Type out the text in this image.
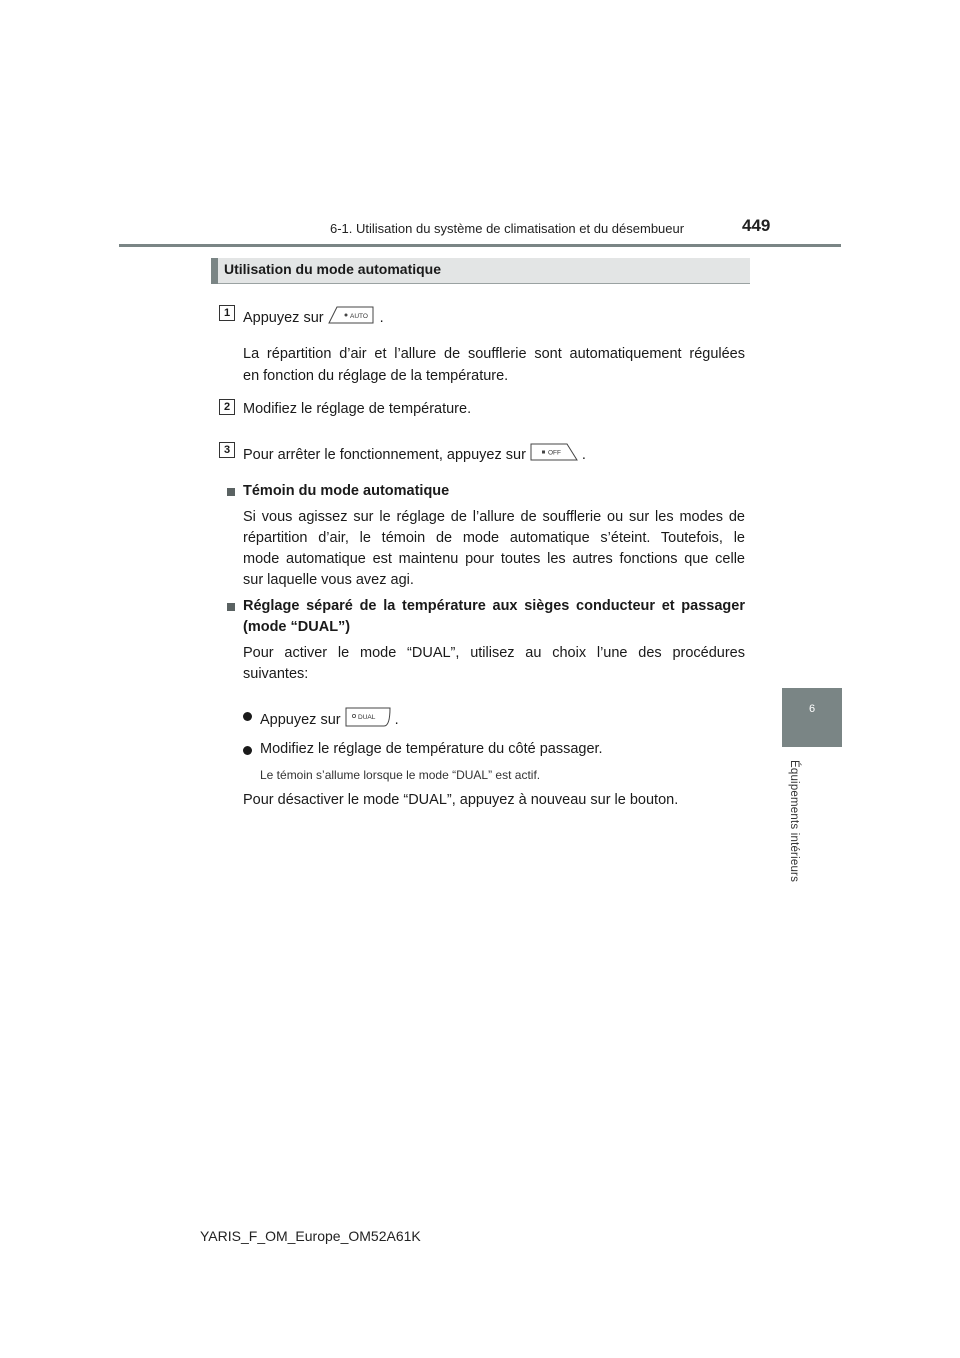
6-1. Utilisation du système de climatisation et du désembueur	449
Utilisation du mode automatique
1 Appuyez sur	AUTO .
La répartition d’air et l’allure de soufflerie sont automatiquement régulées
en fonction du réglage de la température.
2 Modifiez le réglage de température.
3 Pour arrêter le fonctionnement, appuyez sur	OFF .
Témoin du mode automatique
Si vous agissez sur le réglage de l’allure de soufflerie ou sur les modes de
répartition d’air, le témoin de mode automatique s’éteint. Toutefois, le
mode automatique est maintenu pour toutes les autres fonctions que celle
sur laquelle vous avez agi.
Réglage séparé de la température aux sièges conducteur et passager
(mode “DUAL”)
Pour activer le mode “DUAL”, utilisez au choix l’une des procédures
suivantes:
Appuyez sur	DUAL .
Modifiez le réglage de température du côté passager.
Le témoin s’allume lorsque le mode “DUAL” est actif.
Pour désactiver le mode “DUAL”, appuyez à nouveau sur le bouton.
6
Équipements intérieurs
YARIS_F_OM_Europe_OM52A61K
